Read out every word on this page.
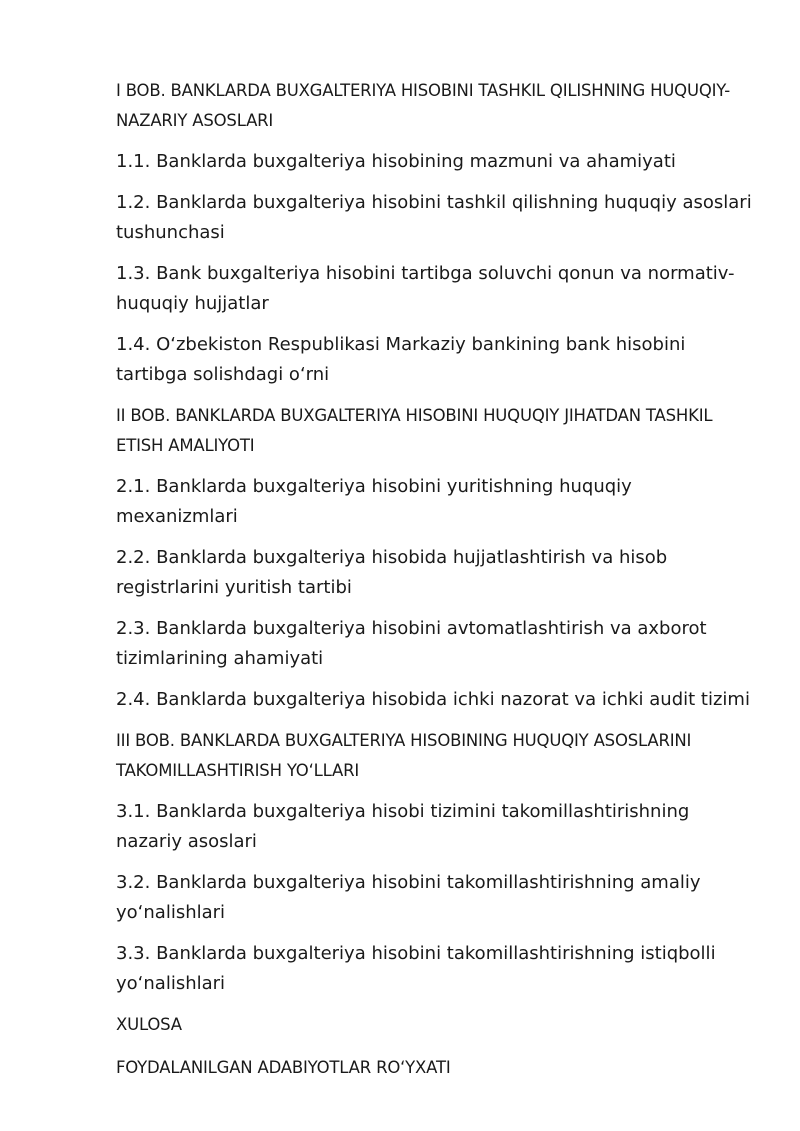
I BOB. BANKLARDA BUXGALTERIYA HISOBINI TASHKIL QILISHNING HUQUQIY-NAZARIY ASOSLARI

1.1. Banklarda buxgalteriya hisobining mazmuni va ahamiyati

1.2. Banklarda buxgalteriya hisobini tashkil qilishning huquqiy asoslari tushunchasi

1.3. Bank buxgalteriya hisobini tartibga soluvchi qonun va normativ-huquqiy hujjatlar

1.4. O‘zbekiston Respublikasi Markaziy bankining bank hisobini tartibga solishdagi o‘rni

II BOB. BANKLARDA BUXGALTERIYA HISOBINI HUQUQIY JIHATDAN TASHKIL ETISH AMALIYOTI

2.1. Banklarda buxgalteriya hisobini yuritishning huquqiy mexanizmlari

2.2. Banklarda buxgalteriya hisobida hujjatlashtirish va hisob registrlarini yuritish tartibi

2.3. Banklarda buxgalteriya hisobini avtomatlashtirish va axborot tizimlarining ahamiyati

2.4. Banklarda buxgalteriya hisobida ichki nazorat va ichki audit tizimi

III BOB. BANKLARDA BUXGALTERIYA HISOBINING HUQUQIY ASOSLARINI TAKOMILLASHTIRISH YO‘LLARI

3.1. Banklarda buxgalteriya hisobi tizimini takomillashtirishning nazariy asoslari

3.2. Banklarda buxgalteriya hisobini takomillashtirishning amaliy yo‘nalishlari

3.3. Banklarda buxgalteriya hisobini takomillashtirishning istiqbolli yo‘nalishlari

XULOSA

FOYDALANILGAN ADABIYOTLAR RO‘YXATI
